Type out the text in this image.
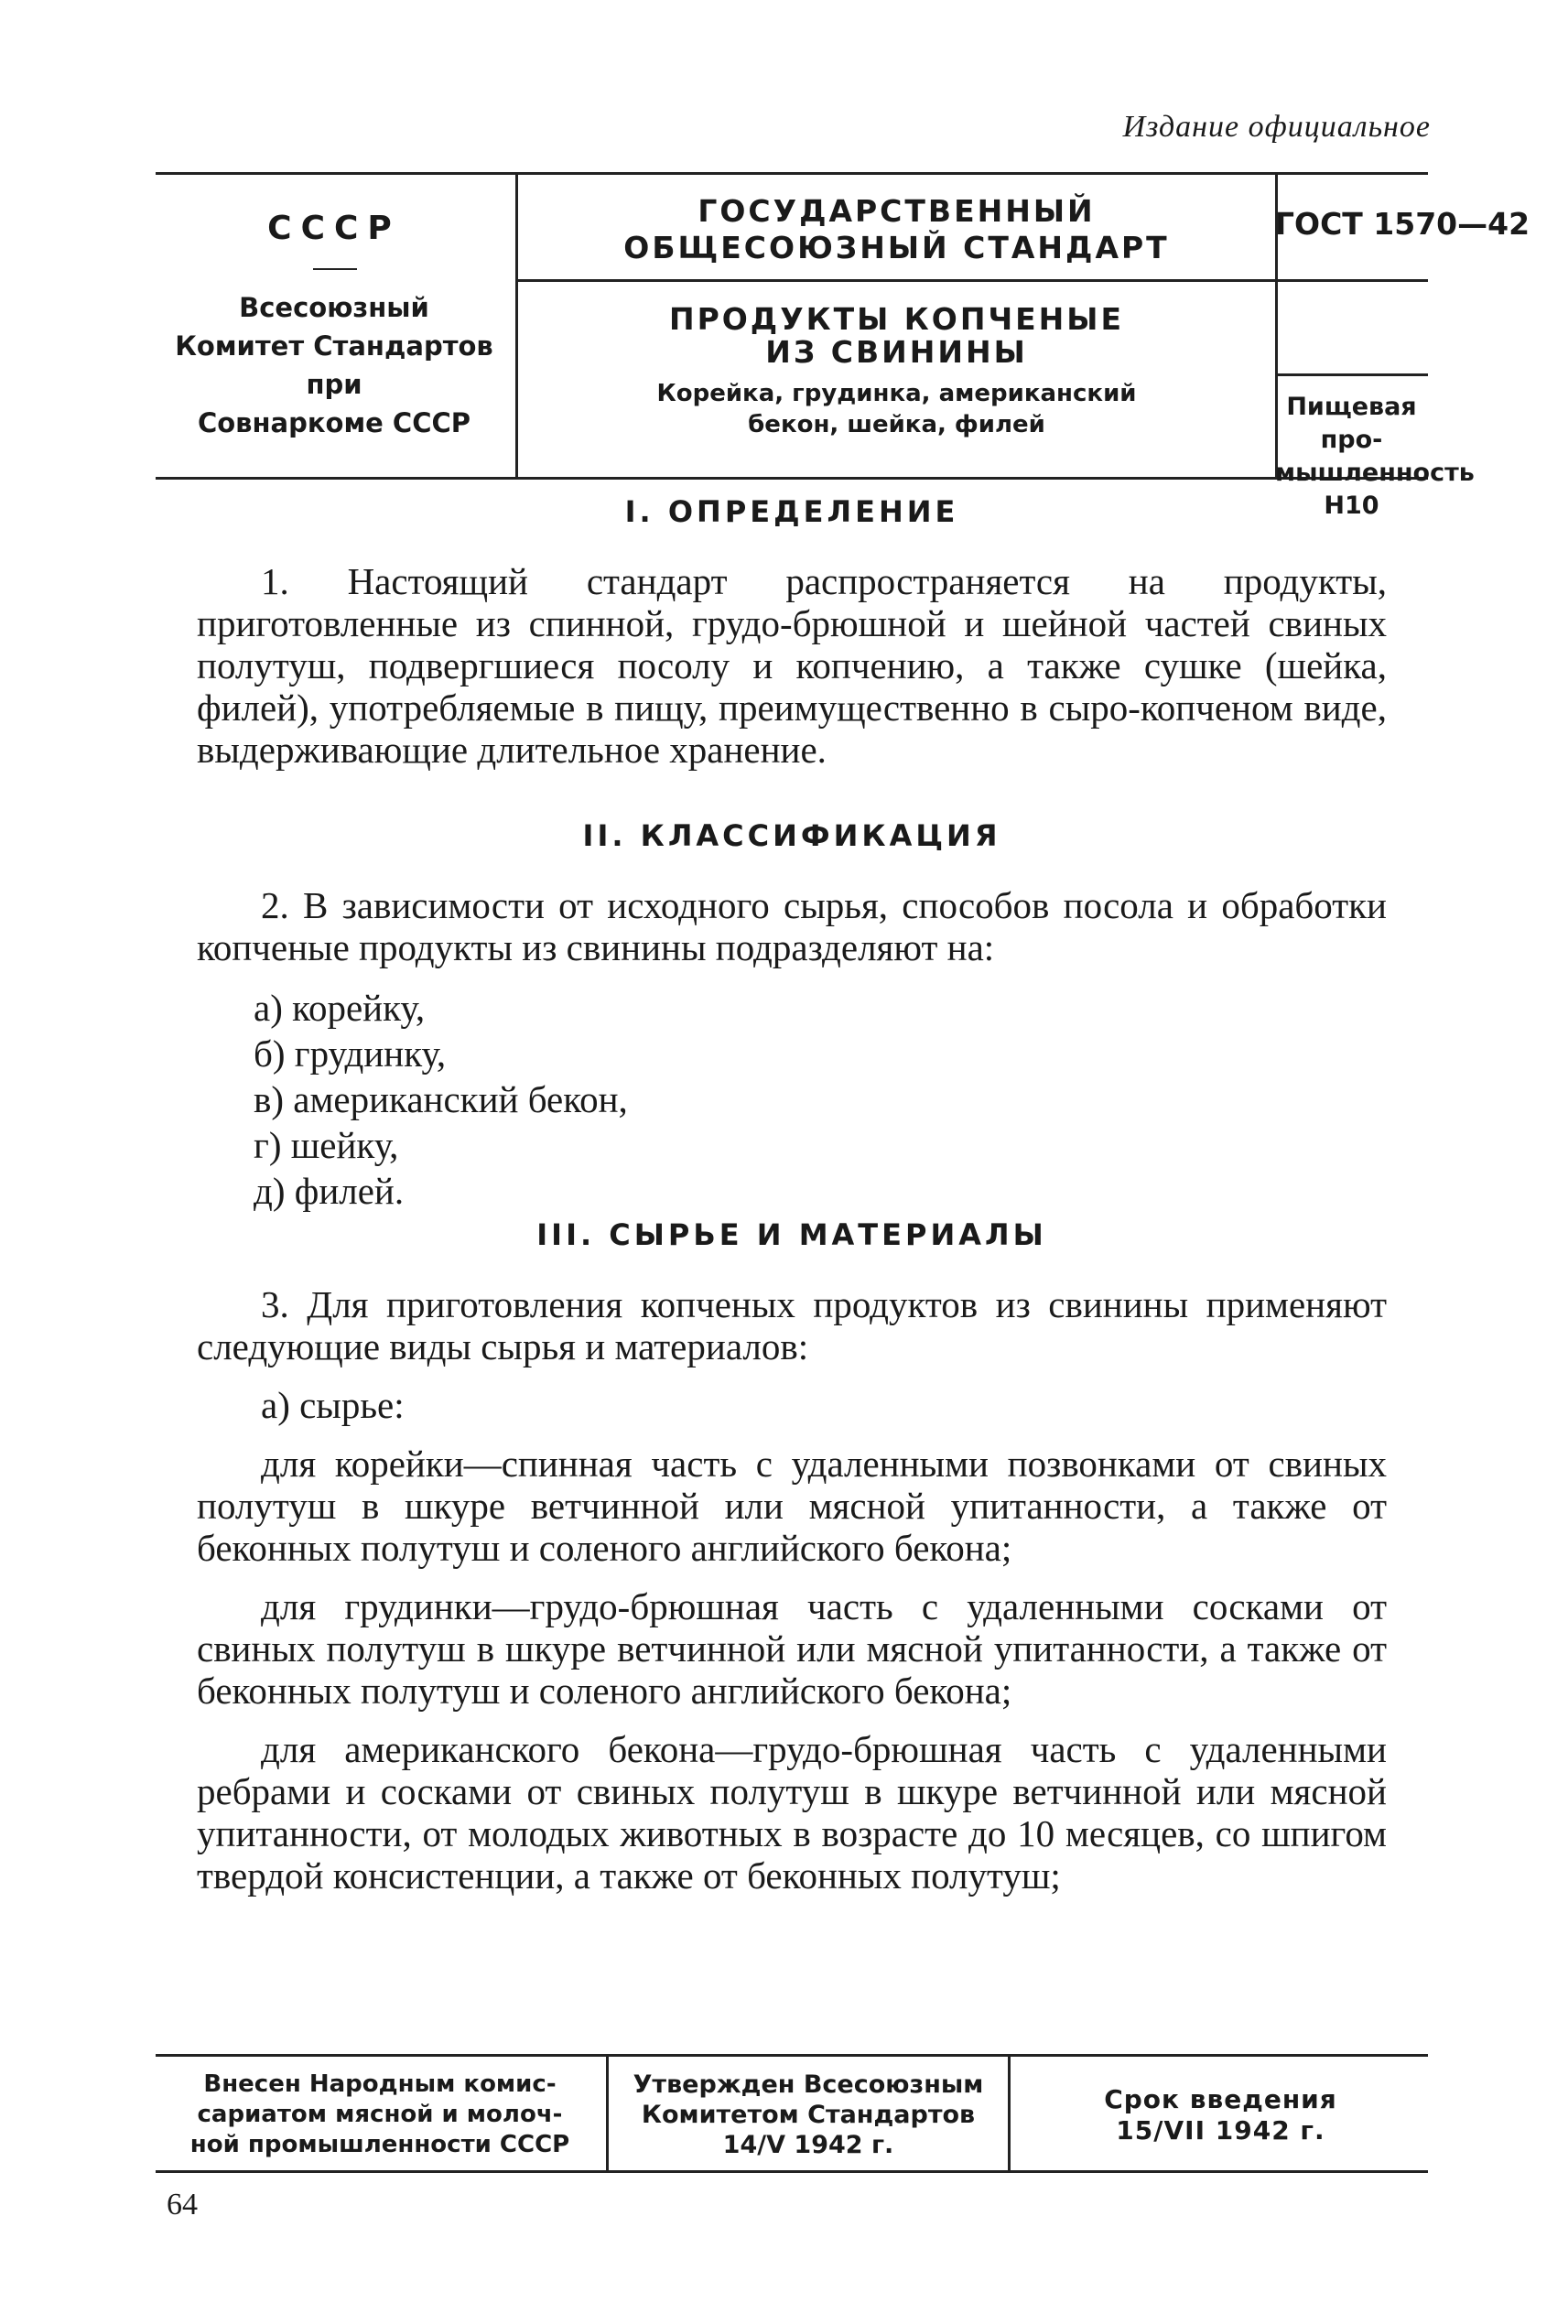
Издание официальное
СССР
Всесоюзный
Комитет Стандартов
при
Совнаркоме СССР
ГОСУДАРСТВЕННЫЙ
ОБЩЕСОЮЗНЫЙ СТАНДАРТ
ПРОДУКТЫ КОПЧЕНЫЕ
ИЗ СВИНИНЫ
Корейка, грудинка, американский
бекон, шейка, филей
ГОСТ 1570—42
Пищевая про-
мышленность Н10
I. ОПРЕДЕЛЕНИЕ

1. Настоящий стандарт распространяется на продукты, приготовленные из спинной, грудо-брюшной и шейной частей свиных полутуш, подвергшиеся посолу и копчению, а также сушке (шейка, филей), употребляемые в пищу, преимущественно в сыро-копченом виде, выдерживающие длительное хранение.

II. КЛАССИФИКАЦИЯ

2. В зависимости от исходного сырья, способов посола и обработки копченые продукты из свинины подразделяют на:

а) корейку,
б) грудинку,
в) американский бекон,
г) шейку,
д) филей.
III. СЫРЬЕ И МАТЕРИАЛЫ

3. Для приготовления копченых продуктов из свинины применяют следующие виды сырья и материалов:

а) сырье:

для корейки—спинная часть с удаленными позвонками от свиных полутуш в шкуре ветчинной или мясной упитанности, а также от беконных полутуш и соленого английского бекона;

для грудинки—грудо-брюшная часть с удаленными сосками от свиных полутуш в шкуре ветчинной или мясной упитанности, а также от беконных полутуш и соленого английского бекона;

для американского бекона—грудо-брюшная часть с удаленными ребрами и сосками от свиных полутуш в шкуре ветчинной или мясной упитанности, от молодых животных в возрасте до 10 месяцев, со шпигом твердой консистенции, а также от беконных полутуш;

Внесен Народным комис-
сариатом мясной и молоч-
ной промышленности СССР
Утвержден Всесоюзным
Комитетом Стандартов
14/V 1942 г.
Срок введения
15/VII 1942 г.
64
